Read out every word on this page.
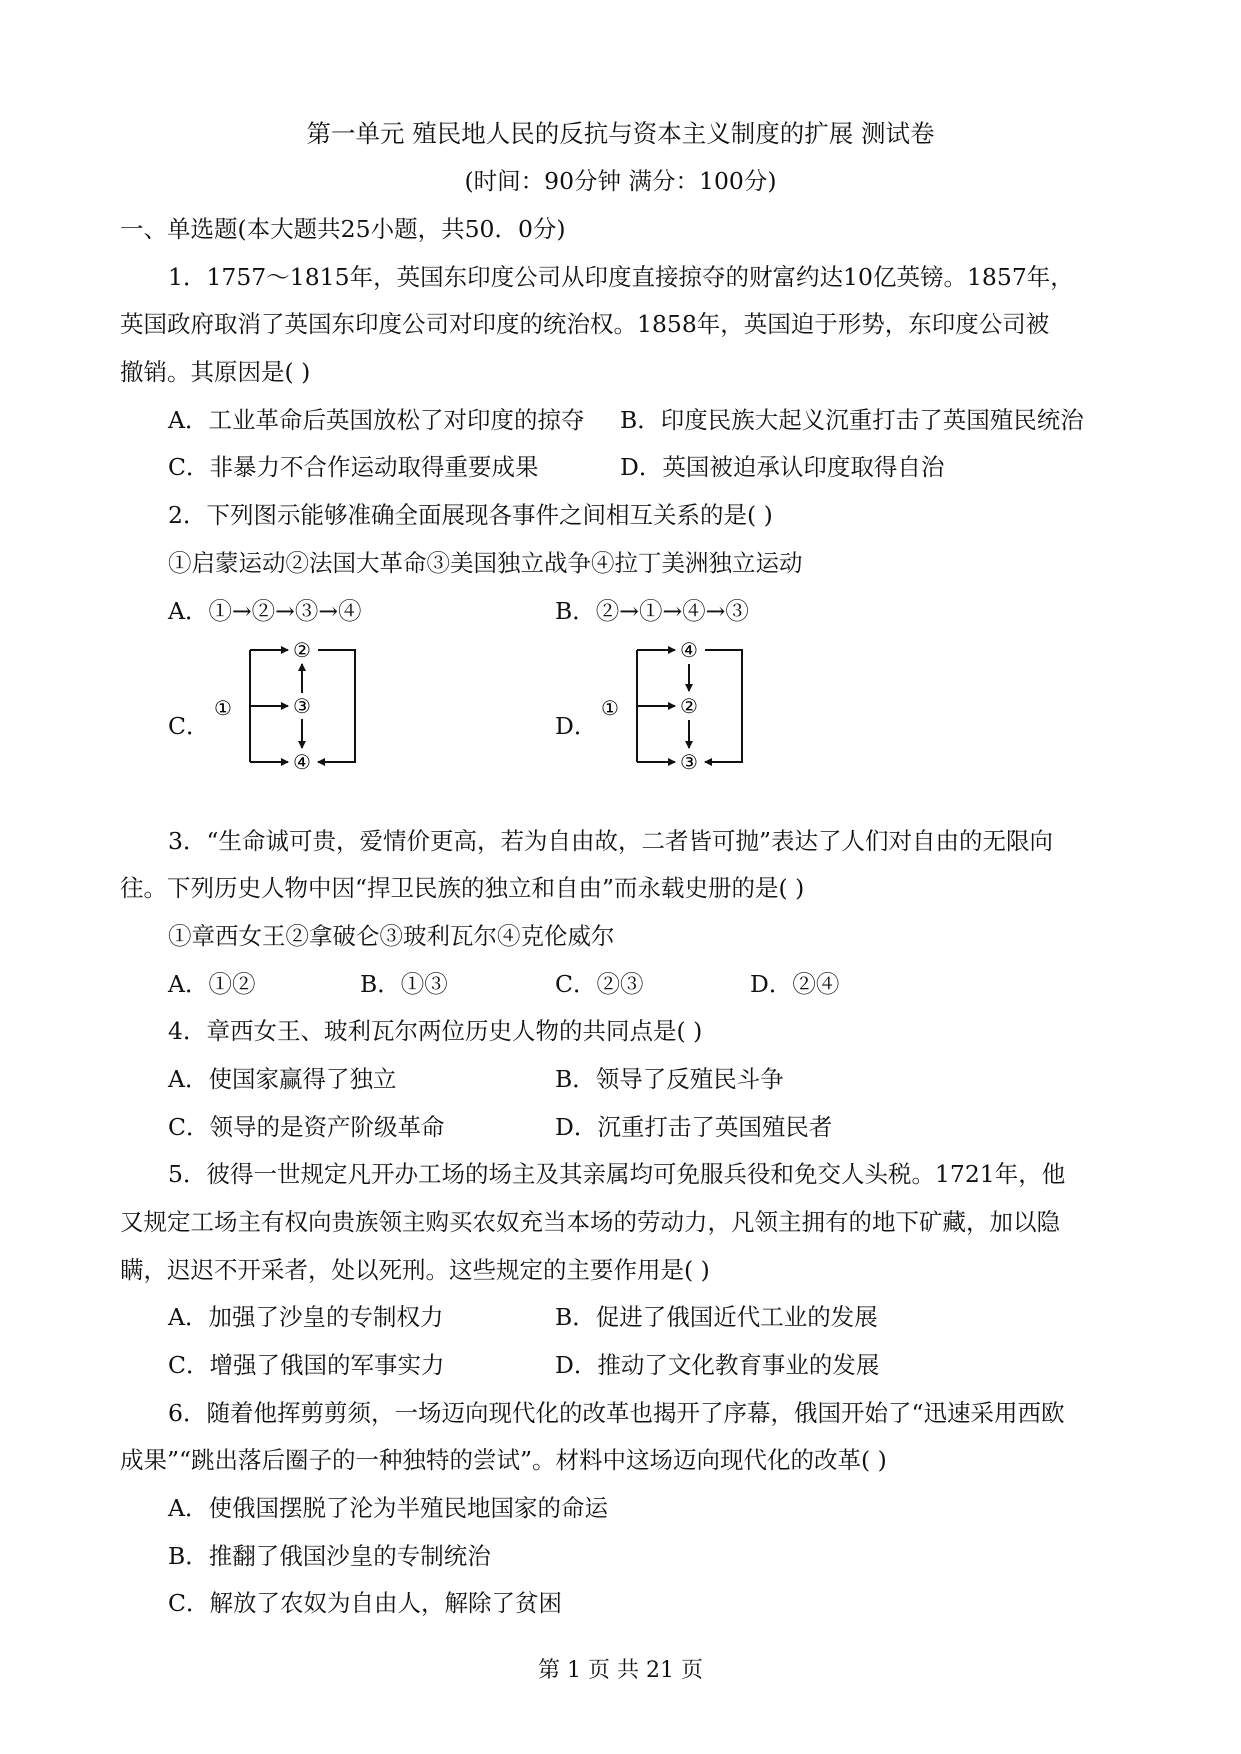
第一单元 殖民地人民的反抗与资本主义制度的扩展 测试卷
(时间：90分钟 满分：100分)
一、单选题(本大题共25小题，共50．0分)
1．1757～1815年，英国东印度公司从印度直接掠夺的财富约达10亿英镑。1857年，
英国政府取消了英国东印度公司对印度的统治权。1858年，英国迫于形势，东印度公司被
撤销。其原因是( )
A．工业革命后英国放松了对印度的掠夺 B．印度民族大起义沉重打击了英国殖民统治
C．非暴力不合作运动取得重要成果	D．英国被迫承认印度取得自治
2．下列图示能够准确全面展现各事件之间相互关系的是( )
①启蒙运动②法国大革命③美国独立战争④拉丁美洲独立运动
A．①→②→③→④	B．②→①→④→③
C．	D．
①
②
③
④
①
④
②
③
3．“生命诚可贵，爱情价更高，若为自由故，二者皆可抛”表达了人们对自由的无限向
往。下列历史人物中因“捍卫民族的独立和自由”而永载史册的是( )
①章西女王②拿破仑③玻利瓦尔④克伦威尔
A．①②	B．①③	C．②③	D．②④
4．章西女王、玻利瓦尔两位历史人物的共同点是( )
A．使国家赢得了独立	B．领导了反殖民斗争
C．领导的是资产阶级革命	D．沉重打击了英国殖民者
5．彼得一世规定凡开办工场的场主及其亲属均可免服兵役和免交人头税。1721年，他
又规定工场主有权向贵族领主购买农奴充当本场的劳动力，凡领主拥有的地下矿藏，加以隐
瞒，迟迟不开采者，处以死刑。这些规定的主要作用是( )
A．加强了沙皇的专制权力	B．促进了俄国近代工业的发展
C．增强了俄国的军事实力	D．推动了文化教育事业的发展
6．随着他挥剪剪须，一场迈向现代化的改革也揭开了序幕，俄国开始了“迅速采用西欧
成果”“跳出落后圈子的一种独特的尝试”。材料中这场迈向现代化的改革( )
A．使俄国摆脱了沦为半殖民地国家的命运
B．推翻了俄国沙皇的专制统治
C．解放了农奴为自由人，解除了贫困
第 1 页 共 21 页
